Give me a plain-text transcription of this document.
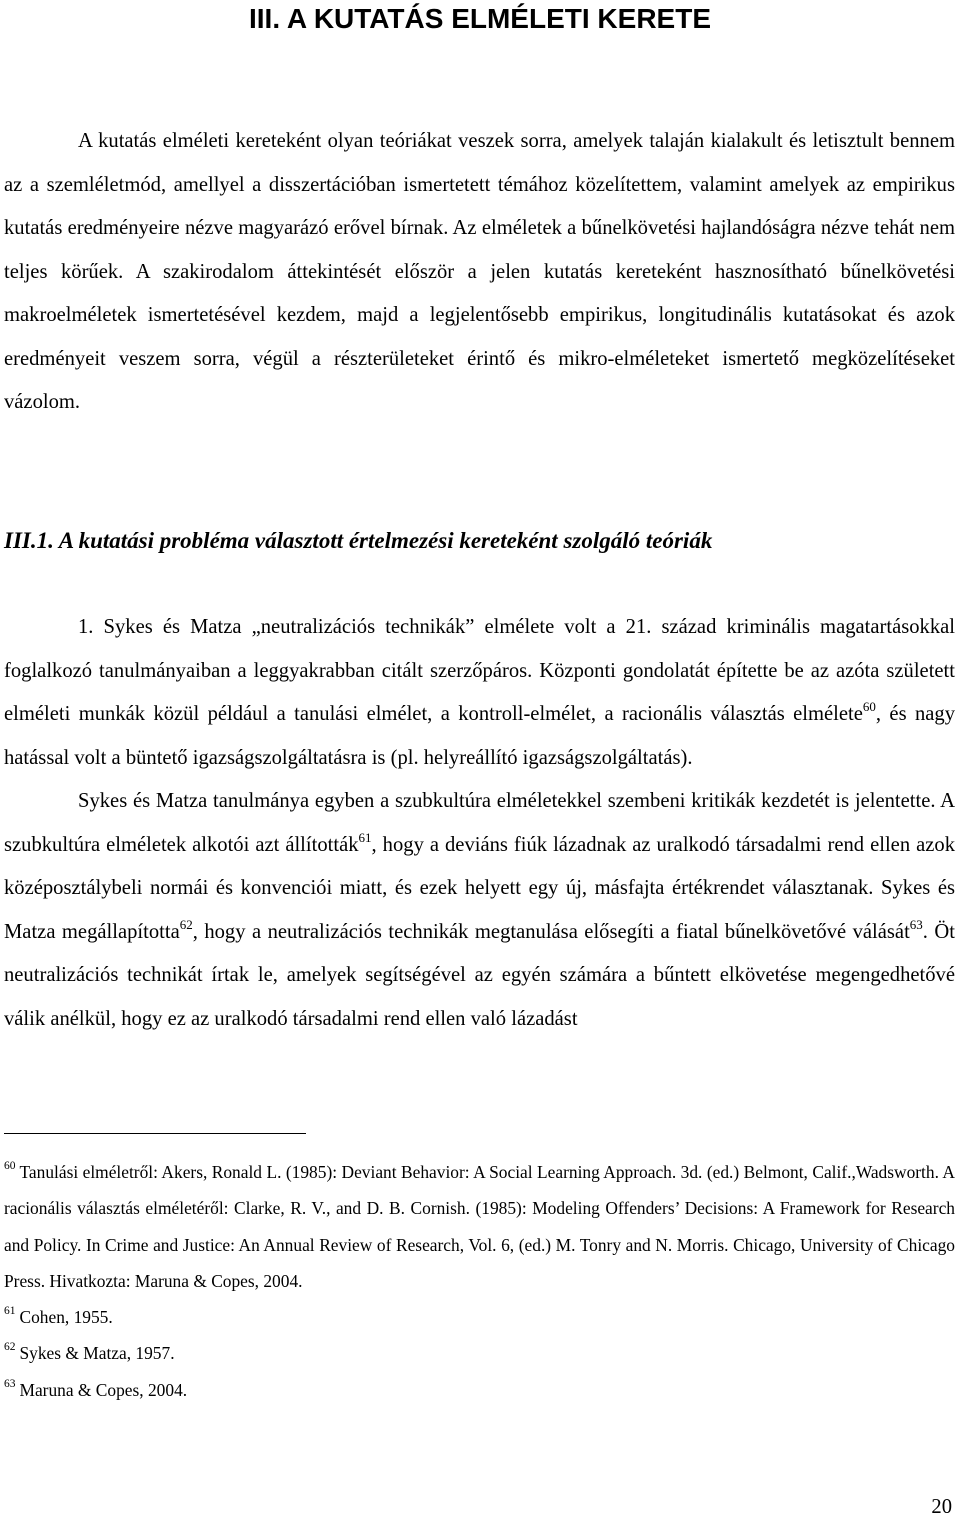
III. A KUTATÁS ELMÉLETI KERETE

A kutatás elméleti kereteként olyan teóriákat veszek sorra, amelyek talaján kialakult és letisztult bennem az a szemléletmód, amellyel a disszertációban ismertetett témához közelítettem, valamint amelyek az empirikus kutatás eredményeire nézve magyarázó erővel bírnak. Az elméletek a bűnelkövetési hajlandóságra nézve tehát nem teljes körűek. A szakirodalom áttekintését először a jelen kutatás kereteként hasznosítható bűnelkövetési makroelméletek ismertetésével kezdem, majd a legjelentősebb empirikus, longitudinális kutatásokat és azok eredményeit veszem sorra, végül a részterületeket érintő és mikro-elméleteket ismertető megközelítéseket vázolom.

III.1. A kutatási probléma választott értelmezési kereteként szolgáló teóriák

1. Sykes és Matza „neutralizációs technikák” elmélete volt a 21. század kriminális magatartásokkal foglalkozó tanulmányaiban a leggyakrabban citált szerzőpáros. Központi gondolatát építette be az azóta született elméleti munkák közül például a tanulási elmélet, a kontroll-elmélet, a racionális választás elmélete$^{60}$, és nagy hatással volt a büntető igazságszolgáltatásra is (pl. helyreállító igazságszolgáltatás).

Sykes és Matza tanulmánya egyben a szubkultúra elméletekkel szembeni kritikák kezdetét is jelentette. A szubkultúra elméletek alkotói azt állították$^{61}$, hogy a deviáns fiúk lázadnak az uralkodó társadalmi rend ellen azok középosztálybeli normái és konvenciói miatt, és ezek helyett egy új, másfajta értékrendet választanak. Sykes és Matza megállapította$^{62}$, hogy a neutralizációs technikák megtanulása elősegíti a fiatal bűnelkövetővé válását$^{63}$. Öt neutralizációs technikát írtak le, amelyek segítségével az egyén számára a bűntett elkövetése megengedhetővé válik anélkül, hogy ez az uralkodó társadalmi rend ellen való lázadást

$^{60}$ Tanulási elméletről: Akers, Ronald L. (1985): Deviant Behavior: A Social Learning Approach. 3d. (ed.) Belmont, Calif.,Wadsworth. A racionális választás elméletéről: Clarke, R. V., and D. B. Cornish. (1985): Modeling Offenders’ Decisions: A Framework for Research and Policy. In Crime and Justice: An Annual Review of Research, Vol. 6, (ed.) M. Tonry and N. Morris. Chicago, University of Chicago Press. Hivatkozta: Maruna & Copes, 2004.

$^{61}$ Cohen, 1955.

$^{62}$ Sykes & Matza, 1957.

$^{63}$ Maruna & Copes, 2004.

20
